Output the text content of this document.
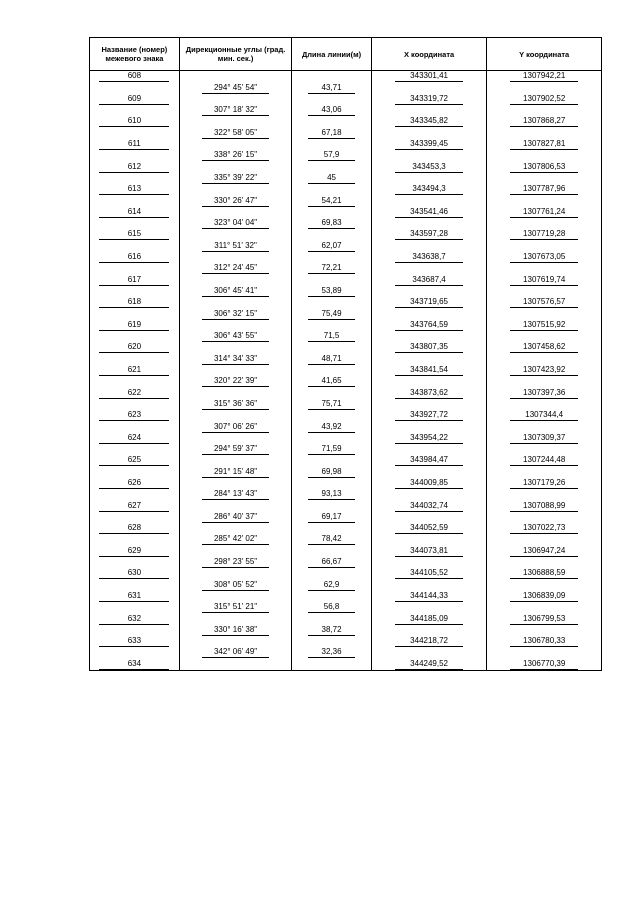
Название (номер) межевого знака	Дирекционные углы (град. мин. сек.)	Длина линии(м)	X координата	Y координата
608			343301,41	1307942,21
	294° 45' 54"	43,71		
609			343319,72	1307902,52
	307° 18' 32"	43,06		
610			343345,82	1307868,27
	322° 58' 05"	67,18		
611			343399,45	1307827,81
	338° 26' 15"	57,9		
612			343453,3	1307806,53
	335° 39' 22"	45		
613			343494,3	1307787,96
	330° 26' 47"	54,21		
614			343541,46	1307761,24
	323° 04' 04"	69,83		
615			343597,28	1307719,28
	311° 51' 32"	62,07		
616			343638,7	1307673,05
	312° 24' 45"	72,21		
617			343687,4	1307619,74
	306° 45' 41"	53,89		
618			343719,65	1307576,57
	306° 32' 15"	75,49		
619			343764,59	1307515,92
	306° 43' 55"	71,5		
620			343807,35	1307458,62
	314° 34' 33"	48,71		
621			343841,54	1307423,92
	320° 22' 39"	41,65		
622			343873,62	1307397,36
	315° 36' 36"	75,71		
623			343927,72	1307344,4
	307° 06' 26"	43,92		
624			343954,22	1307309,37
	294° 59' 37"	71,59		
625			343984,47	1307244,48
	291° 15' 48"	69,98		
626			344009,85	1307179,26
	284° 13' 43"	93,13		
627			344032,74	1307088,99
	286° 40' 37"	69,17		
628			344052,59	1307022,73
	285° 42' 02"	78,42		
629			344073,81	1306947,24
	298° 23' 55"	66,67		
630			344105,52	1306888,59
	308° 05' 52"	62,9		
631			344144,33	1306839,09
	315° 51' 21"	56,8		
632			344185,09	1306799,53
	330° 16' 38"	38,72		
633			344218,72	1306780,33
	342° 06' 49"	32,36		
634			344249,52	1306770,39
